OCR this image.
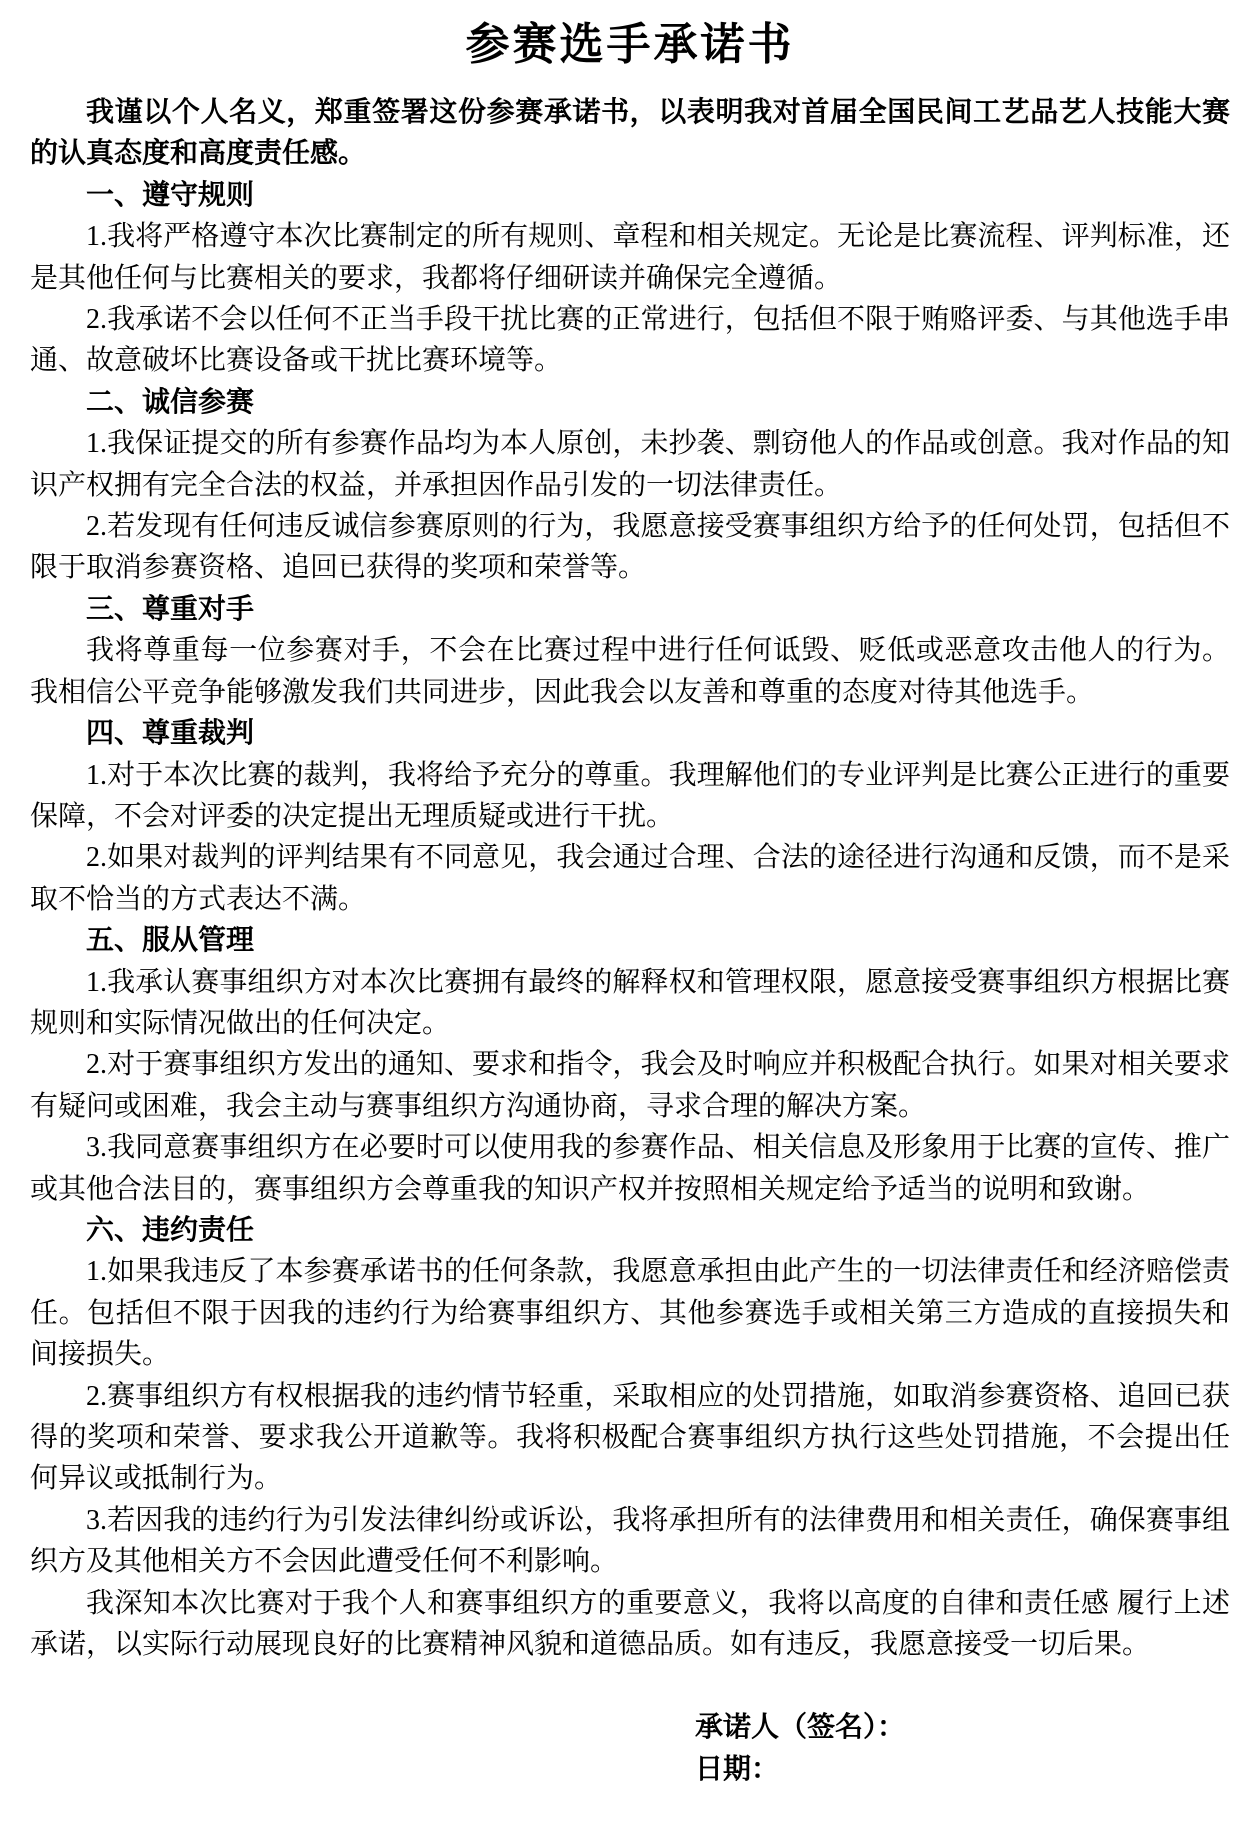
参赛选手承诺书

我谨以个人名义，郑重签署这份参赛承诺书，以表明我对首届全国民间工艺品艺人技能大赛的认真态度和高度责任感。

一、遵守规则

1.我将严格遵守本次比赛制定的所有规则、章程和相关规定。无论是比赛流程、评判标准，还是其他任何与比赛相关的要求，我都将仔细研读并确保完全遵循。

2.我承诺不会以任何不正当手段干扰比赛的正常进行，包括但不限于贿赂评委、与其他选手串通、故意破坏比赛设备或干扰比赛环境等。

二、诚信参赛

1.我保证提交的所有参赛作品均为本人原创，未抄袭、剽窃他人的作品或创意。我对作品的知识产权拥有完全合法的权益，并承担因作品引发的一切法律责任。

2.若发现有任何违反诚信参赛原则的行为，我愿意接受赛事组织方给予的任何处罚，包括但不限于取消参赛资格、追回已获得的奖项和荣誉等。

三、尊重对手

我将尊重每一位参赛对手，不会在比赛过程中进行任何诋毁、贬低或恶意攻击他人的行为。我相信公平竞争能够激发我们共同进步，因此我会以友善和尊重的态度对待其他选手。

四、尊重裁判

1.对于本次比赛的裁判，我将给予充分的尊重。我理解他们的专业评判是比赛公正进行的重要保障，不会对评委的决定提出无理质疑或进行干扰。

2.如果对裁判的评判结果有不同意见，我会通过合理、合法的途径进行沟通和反馈，而不是采取不恰当的方式表达不满。

五、服从管理

1.我承认赛事组织方对本次比赛拥有最终的解释权和管理权限，愿意接受赛事组织方根据比赛规则和实际情况做出的任何决定。

2.对于赛事组织方发出的通知、要求和指令，我会及时响应并积极配合执行。如果对相关要求有疑问或困难，我会主动与赛事组织方沟通协商，寻求合理的解决方案。

3.我同意赛事组织方在必要时可以使用我的参赛作品、相关信息及形象用于比赛的宣传、推广或其他合法目的，赛事组织方会尊重我的知识产权并按照相关规定给予适当的说明和致谢。

六、违约责任

1.如果我违反了本参赛承诺书的任何条款，我愿意承担由此产生的一切法律责任和经济赔偿责任。包括但不限于因我的违约行为给赛事组织方、其他参赛选手或相关第三方造成的直接损失和间接损失。

2.赛事组织方有权根据我的违约情节轻重，采取相应的处罚措施，如取消参赛资格、追回已获得的奖项和荣誉、要求我公开道歉等。我将积极配合赛事组织方执行这些处罚措施，不会提出任何异议或抵制行为。

3.若因我的违约行为引发法律纠纷或诉讼，我将承担所有的法律费用和相关责任，确保赛事组织方及其他相关方不会因此遭受任何不利影响。

我深知本次比赛对于我个人和赛事组织方的重要意义，我将以高度的自律和责任感 履行上述承诺，以实际行动展现良好的比赛精神风貌和道德品质。如有违反，我愿意接受一切后果。

承诺人（签名）：

日期：
